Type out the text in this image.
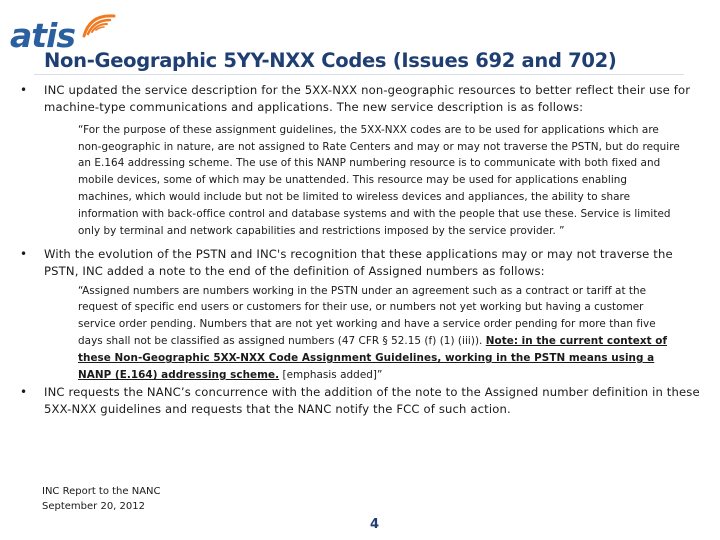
atis
Non-Geographic 5YY-NXX Codes (Issues 692 and 702)
•	INC updated the service description for the 5XX-NXX non-geographic resources to better reflect their use for machine-type communications and applications. The new service description is as follows:
“For the purpose of these assignment guidelines, the 5XX-NXX codes are to be used for applications which are non-geographic in nature, are not assigned to Rate Centers and may or may not traverse the PSTN, but do require an E.164 addressing scheme. The use of this NANP numbering resource is to communicate with both fixed and mobile devices, some of which may be unattended. This resource may be used for applications enabling machines, which would include but not be limited to wireless devices and appliances, the ability to share information with back-office control and database systems and with the people that use these. Service is limited only by terminal and network capabilities and restrictions imposed by the service provider. ”
•	With the evolution of the PSTN and INC's recognition that these applications may or may not traverse the PSTN, INC added a note to the end of the definition of Assigned numbers as follows:
“Assigned numbers are numbers working in the PSTN under an agreement such as a contract or tariff at the request of specific end users or customers for their use, or numbers not yet working but having a customer service order pending. Numbers that are not yet working and have a service order pending for more than five days shall not be classified as assigned numbers (47 CFR § 52.15 (f) (1) (iii)). Note: in the current context of these Non-Geographic 5XX-NXX Code Assignment Guidelines, working in the PSTN means using a NANP (E.164) addressing scheme. [emphasis added]”
•	INC requests the NANC’s concurrence with the addition of the note to the Assigned number definition in these 5XX-NXX guidelines and requests that the NANC notify the FCC of such action.
INC Report to the NANC
September 20, 2012
4
